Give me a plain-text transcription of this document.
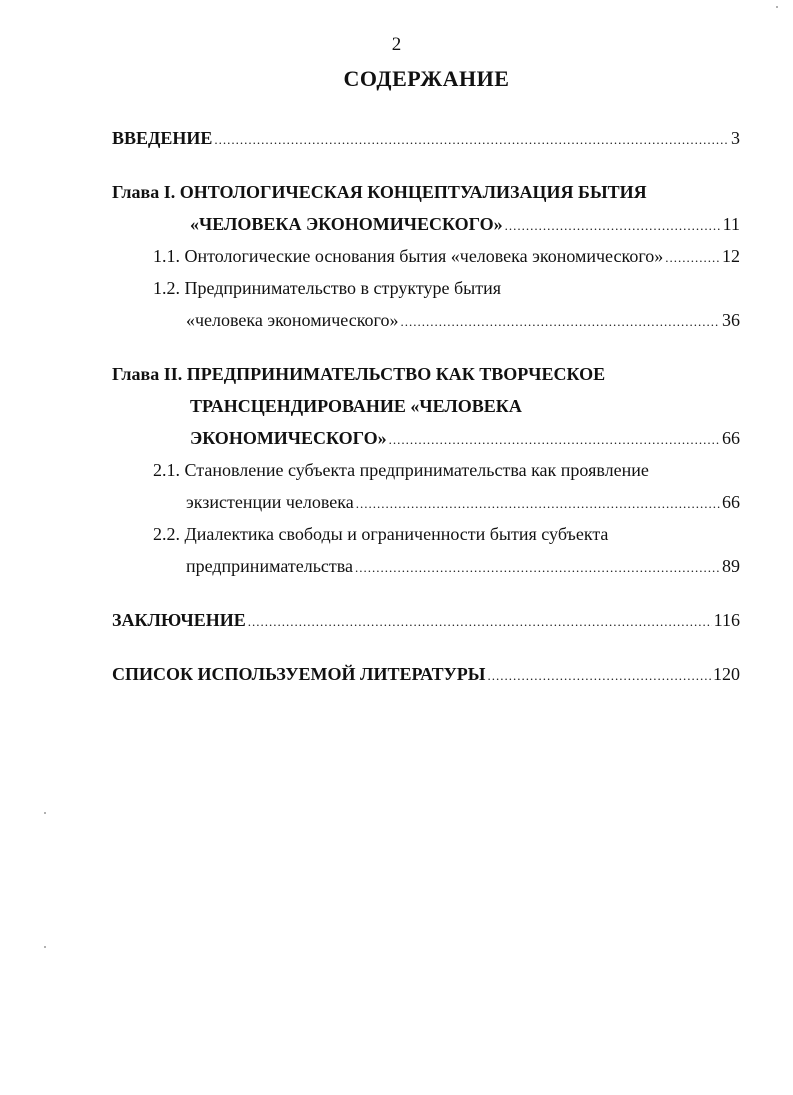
2
СОДЕРЖАНИЕ
ВВЕДЕНИЕ .....	3
Глава I. ОНТОЛОГИЧЕСКАЯ КОНЦЕПТУАЛИЗАЦИЯ БЫТИЯ
«ЧЕЛОВЕКА ЭКОНОМИЧЕСКОГО» .....	11
1.1. Онтологические основания бытия «человека экономического» .....	12
1.2. Предпринимательство в структуре бытия
«человека экономического» .....	36
Глава II. ПРЕДПРИНИМАТЕЛЬСТВО КАК ТВОРЧЕСКОЕ
ТРАНСЦЕНДИРОВАНИЕ «ЧЕЛОВЕКА
ЭКОНОМИЧЕСКОГО» .....	66
2.1. Становление субъекта предпринимательства как проявление
экзистенции человека .....	66
2.2. Диалектика свободы и ограниченности бытия субъекта
предпринимательства .....	89
ЗАКЛЮЧЕНИЕ .....	116
СПИСОК ИСПОЛЬЗУЕМОЙ ЛИТЕРАТУРЫ .....	120
